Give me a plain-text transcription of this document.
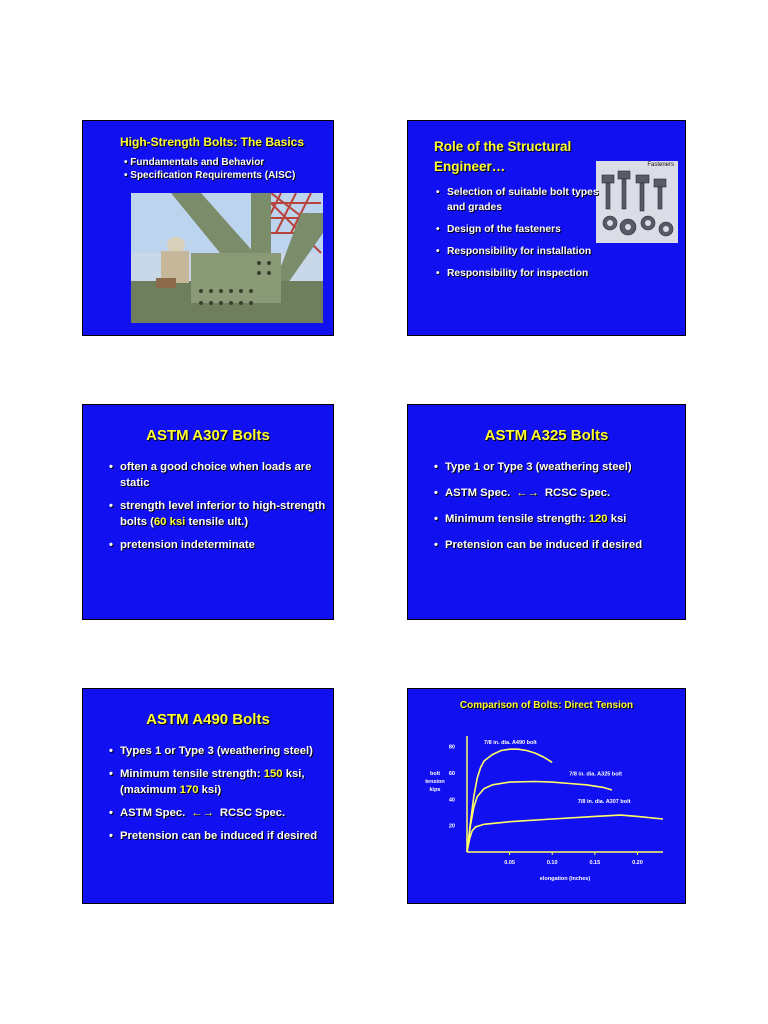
High-Strength Bolts: The Basics
• Fundamentals and Behavior
• Specification Requirements (AISC)
Role of the Structural
Engineer…	Fasteners
• Selection of suitable bolt types and grades
• Design of the fasteners
• Responsibility for installation
• Responsibility for inspection
ASTM A307 Bolts
• often a good choice when loads are static
• strength level inferior to high-strength bolts (60 ksi tensile ult.)
• pretension indeterminate
ASTM A325 Bolts
• Type 1 or Type 3 (weathering steel)
• ASTM Spec. ←→ RCSC Spec.
• Minimum tensile strength: 120 ksi
• Pretension can be induced if desired
ASTM A490 Bolts
• Types 1 or Type 3 (weathering steel)
• Minimum tensile strength: 150 ksi,
(maximum 170 ksi)
• ASTM Spec. ←→ RCSC Spec.
• Pretension can be induced if desired
Comparison of Bolts: Direct Tension
0.05	0.10	0.15	0.20
20
40
60
80
bolt
tension
kips
elongation (inches)
7/8 in. dia. A490 bolt
7/8 in. dia. A325 bolt
7/8 in. dia. A307 bolt
